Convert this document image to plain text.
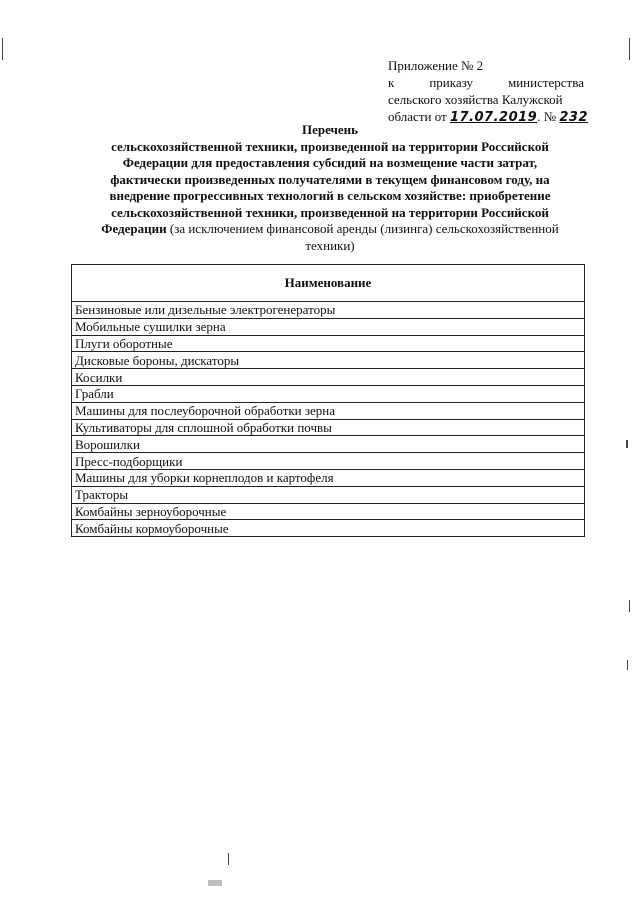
Приложение № 2
к	приказу	министерства
сельского хозяйства Калужской
области от 17.07.2019. № 232
Перечень
сельскохозяйственной техники, произведенной на территории Российской Федерации для предоставления субсидий на возмещение части затрат, фактически произведенных получателями в текущем финансовом году, на внедрение прогрессивных технологий в сельском хозяйстве: приобретение сельскохозяйственной техники, произведенной на территории Российской Федерации (за исключением финансовой аренды (лизинга) сельскохозяйственной техники)
Наименование
Бензиновые или дизельные электрогенераторы
Мобильные сушилки зерна
Плуги оборотные
Дисковые бороны, дискаторы
Косилки
Грабли
Машины для послеуборочной обработки зерна
Культиваторы для сплошной обработки почвы
Ворошилки
Пресс-подборщики
Машины для уборки корнеплодов и картофеля
Тракторы
Комбайны зерноуборочные
Комбайны кормоуборочные
